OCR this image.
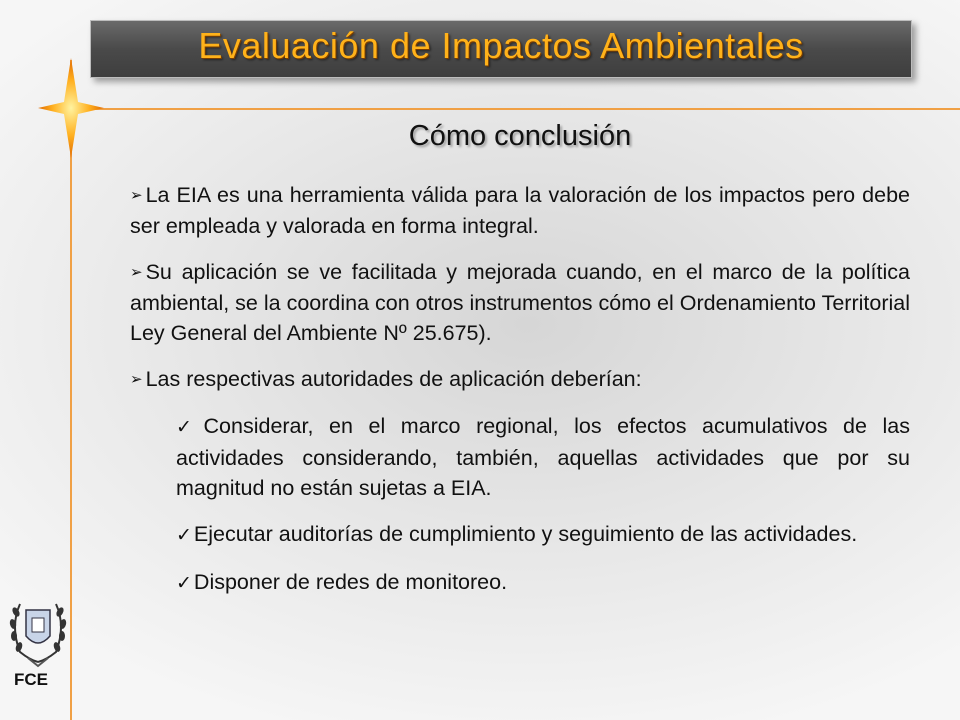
Evaluación de Impactos Ambientales
Cómo conclusión

➢ La EIA es una herramienta válida para la valoración de los impactos pero debe ser empleada y valorada en forma integral.

➢ Su aplicación se ve facilitada y mejorada cuando, en el marco de la política ambiental, se la coordina con otros instrumentos cómo el Ordenamiento Territorial Ley General del Ambiente Nº 25.675).

➢ Las respectivas autoridades de aplicación deberían:

✓Considerar, en el marco regional, los efectos acumulativos de las actividades considerando, también, aquellas actividades que por su magnitud no están sujetas a EIA.

✓Ejecutar auditorías de cumplimiento y seguimiento de las actividades.

✓Disponer de redes de monitoreo.

FCE
